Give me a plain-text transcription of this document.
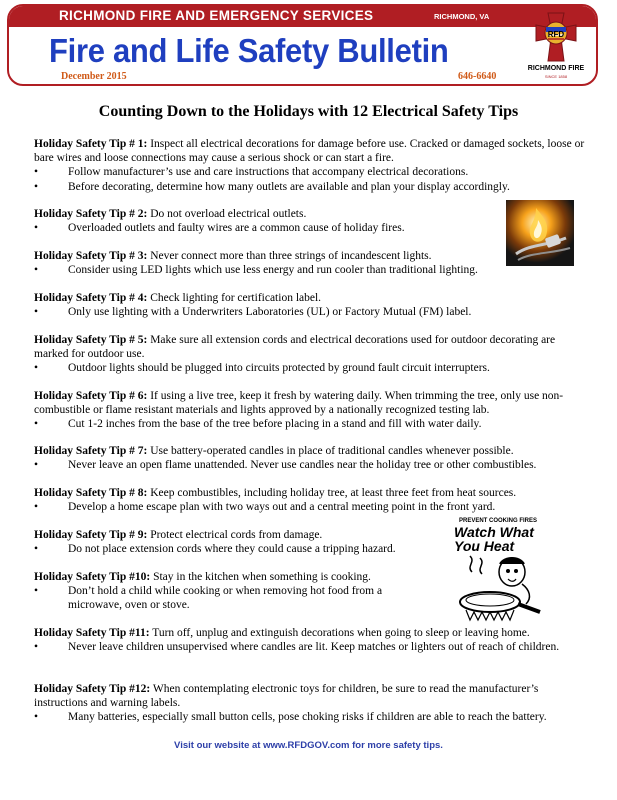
RICHMOND FIRE AND EMERGENCY SERVICES	RICHMOND, VA
Fire and Life Safety Bulletin
December 2015	646-6640
RFD
RICHMOND FIRE
SINCE 1858
Counting Down to the Holidays with 12 Electrical Safety Tips
Holiday Safety Tip # 1: Inspect all electrical decorations for damage before use. Cracked or damaged sockets, loose or bare wires and loose connections may cause a serious shock or can start a fire.
•	Follow manufacturer’s use and care instructions that accompany electrical decorations.
•	Before decorating, determine how many outlets are available and plan your display accordingly.
Holiday Safety Tip # 2: Do not overload electrical outlets.
•	Overloaded outlets and faulty wires are a common cause of holiday fires.
Holiday Safety Tip # 3: Never connect more than three strings of incandescent lights.
•	Consider using LED lights which use less energy and run cooler than traditional lighting.
Holiday Safety Tip # 4: Check lighting for certification label.
•	Only use lighting with a Underwriters Laboratories (UL) or Factory Mutual (FM) label.
Holiday Safety Tip # 5: Make sure all extension cords and electrical decorations used for outdoor decorating are marked for outdoor use.
•	Outdoor lights should be plugged into circuits protected by ground fault circuit interrupters.
Holiday Safety Tip # 6: If using a live tree, keep it fresh by watering daily. When trimming the tree, only use non-combustible or flame resistant materials and lights approved by a nationally recognized testing lab.
•	Cut 1-2 inches from the base of the tree before placing in a stand and fill with water daily.
Holiday Safety Tip # 7: Use battery-operated candles in place of traditional candles whenever possible.
•	Never leave an open flame unattended. Never use candles near the holiday tree or other combustibles.
Holiday Safety Tip # 8: Keep combustibles, including holiday tree, at least three feet from heat sources.
•	Develop a home escape plan with two ways out and a central meeting point in the front yard.
Holiday Safety Tip # 9: Protect electrical cords from damage.
•	Do not place extension cords where they could cause a tripping hazard.
Holiday Safety Tip #10: Stay in the kitchen when something is cooking.
•	Don’t hold a child while cooking or when removing hot food from a microwave, oven or stove.
Holiday Safety Tip #11: Turn off, unplug and extinguish decorations when going to sleep or leaving home.
•	Never leave children unsupervised where candles are lit. Keep matches or lighters out of reach of children.
Holiday Safety Tip #12: When contemplating electronic toys for children, be sure to read the manufacturer’s instructions and warning labels.
•	Many batteries, especially small button cells, pose choking risks if children are able to reach the battery.
PREVENT COOKING FIRES
Watch What You Heat
Visit our website at www.RFDGOV.com for more safety tips.
